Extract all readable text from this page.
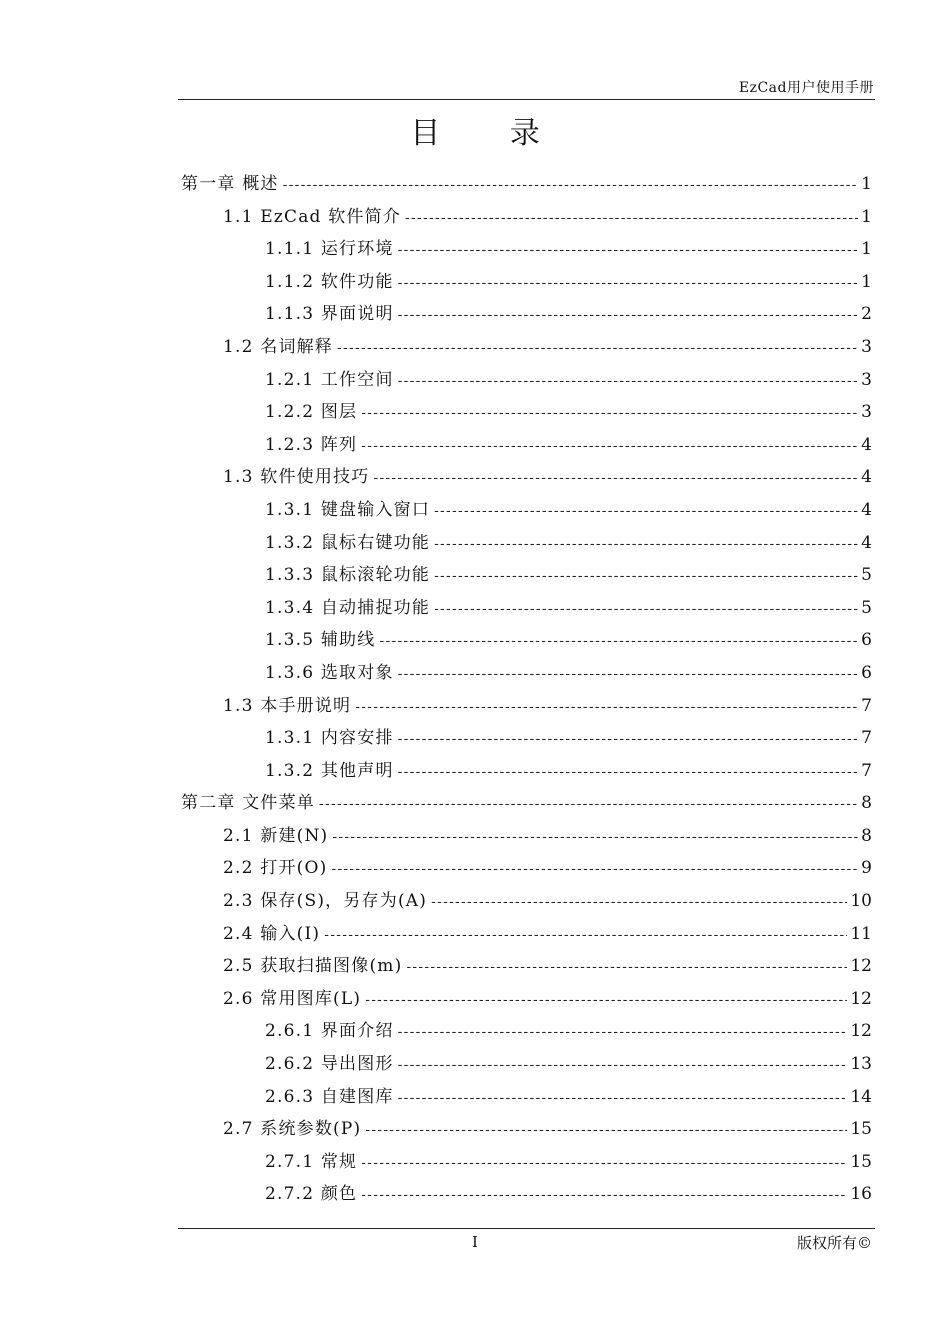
EzCad用户使用手册
目 录
第一章 概述 -----	1
1.1 EzCad 软件简介 -----	1
1.1.1 运行环境 -----	1
1.1.2 软件功能 -----	1
1.1.3 界面说明 -----	2
1.2 名词解释 -----	3
1.2.1 工作空间 -----	3
1.2.2 图层 -----	3
1.2.3 阵列 -----	4
1.3 软件使用技巧 -----	4
1.3.1 键盘输入窗口 -----	4
1.3.2 鼠标右键功能 -----	4
1.3.3 鼠标滚轮功能 -----	5
1.3.4 自动捕捉功能 -----	5
1.3.5 辅助线 -----	6
1.3.6 选取对象 -----	6
1.3 本手册说明 -----	7
1.3.1 内容安排 -----	7
1.3.2 其他声明 -----	7
第二章 文件菜单 -----	8
2.1 新建(N) -----	8
2.2 打开(O) -----	9
2.3 保存(S)，另存为(A) -----	10
2.4 输入(I) -----	11
2.5 获取扫描图像(m) -----	12
2.6 常用图库(L) -----	12
2.6.1 界面介绍 -----	12
2.6.2 导出图形 -----	13
2.6.3 自建图库 -----	14
2.7 系统参数(P) -----	15
2.7.1 常规 -----	15
2.7.2 颜色 -----	16
I	版权所有©
